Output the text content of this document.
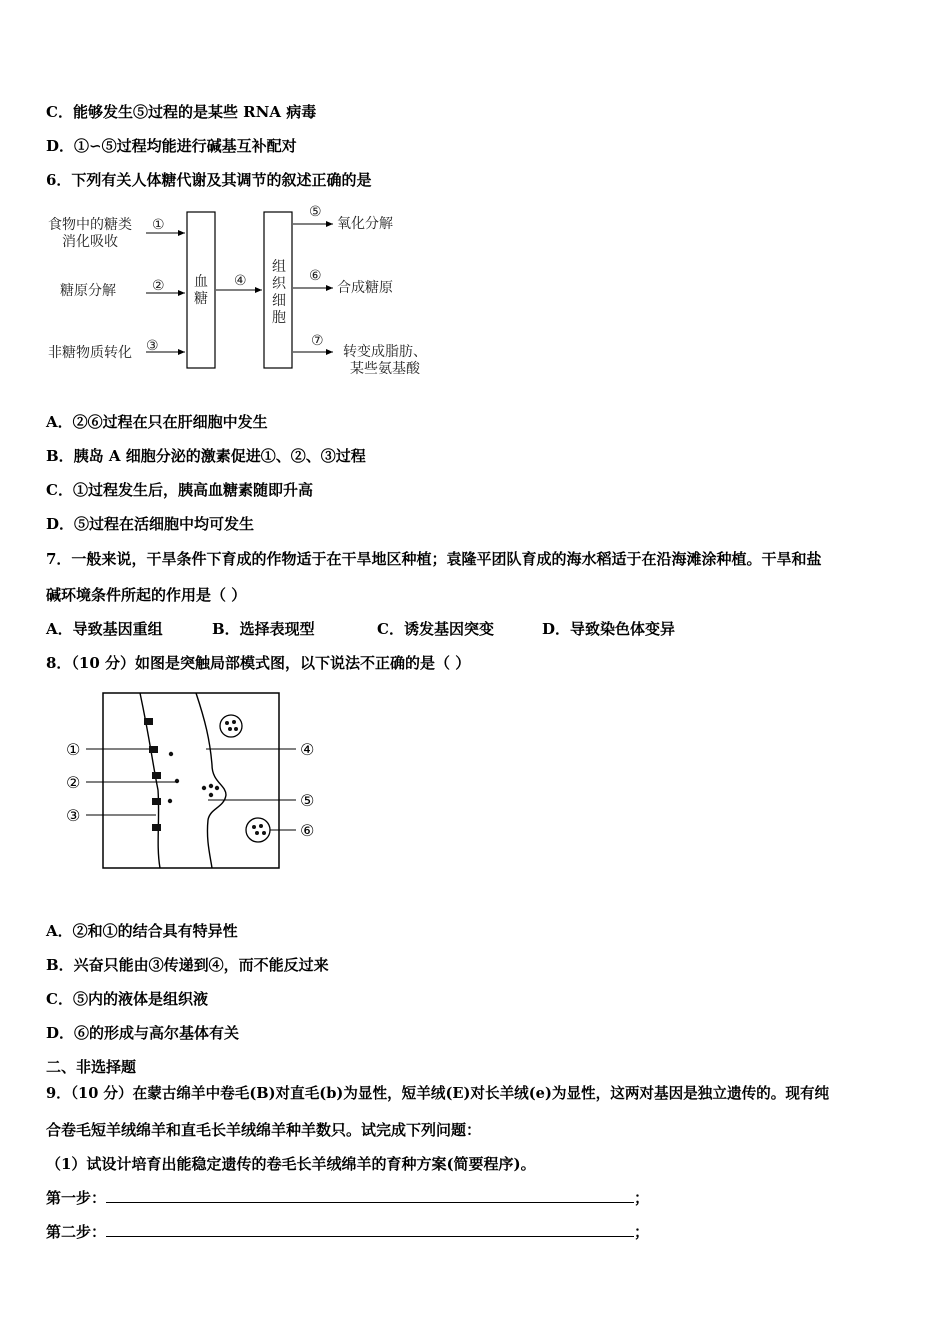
C．能够发生⑤过程的是某些 RNA 病毒
D．①∽⑤过程均能进行碱基互补配对
6．下列有关人体糖代谢及其调节的叙述正确的是
食物中的糖类
消化吸收
糖原分解
非糖物质转化
①
②
③
④
⑤
⑥
⑦
血
糖
组
织
细
胞
氧化分解
合成糖原
转变成脂肪、
某些氨基酸
A．②⑥过程在只在肝细胞中发生
B．胰岛 A 细胞分泌的激素促进①、②、③过程
C．①过程发生后，胰高血糖素随即升高
D．⑤过程在活细胞中均可发生
7．一般来说，干旱条件下育成的作物适于在干旱地区种植；袁隆平团队育成的海水稻适于在沿海滩涂种植。干旱和盐
碱环境条件所起的作用是（ ）
A．导致基因重组	B．选择表现型	C．诱发基因突变	D．导致染色体变异
8．（10 分）如图是突触局部模式图，以下说法不正确的是（ ）
①
②
③
④
⑤
⑥
A．②和①的结合具有特异性
B．兴奋只能由③传递到④，而不能反过来
C．⑤内的液体是组织液
D．⑥的形成与高尔基体有关
二、非选择题
9．（10 分）在蒙古绵羊中卷毛(B)对直毛(b)为显性，短羊绒(E)对长羊绒(e)为显性，这两对基因是独立遗传的。现有纯
合卷毛短羊绒绵羊和直毛长羊绒绵羊种羊数只。试完成下列问题：
（1）试设计培育出能稳定遗传的卷毛长羊绒绵羊的育种方案(简要程序)。
第一步：	；
第二步：	；
